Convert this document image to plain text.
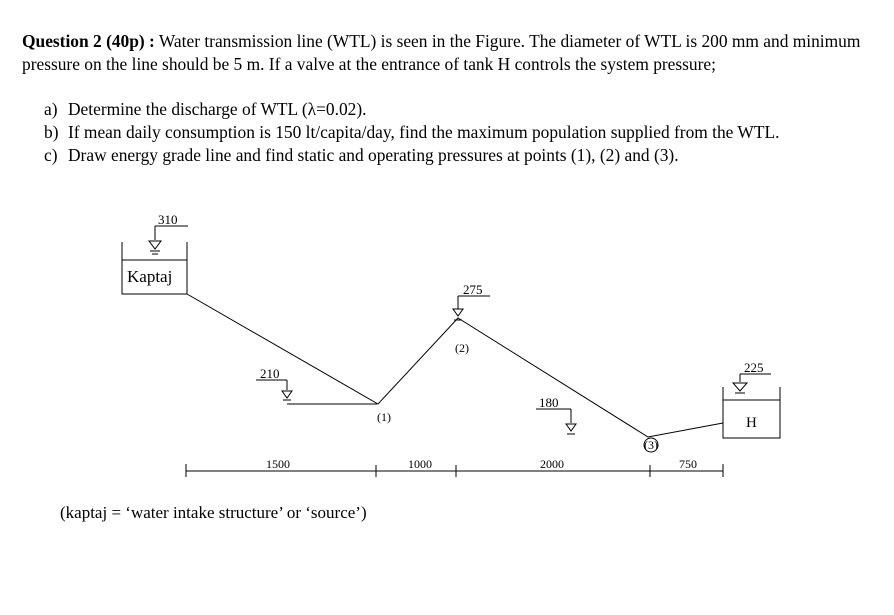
Question 2 (40p) : Water transmission line (WTL) is seen in the Figure. The diameter of WTL is 200 mm and minimum pressure on the line should be 5 m. If a valve at the entrance of tank H controls the system pressure;
a) Determine the discharge of WTL (λ=0.02).
b) If mean daily consumption is 150 lt/capita/day, find the maximum population supplied from the WTL.
c) Draw energy grade line and find static and operating pressures at points (1), (2) and (3).
310
Kaptaj
225
H
210
275
180
(1)
(2)
(3)
1500	1000	2000	750
(kaptaj = ‘water intake structure’ or ‘source’)
